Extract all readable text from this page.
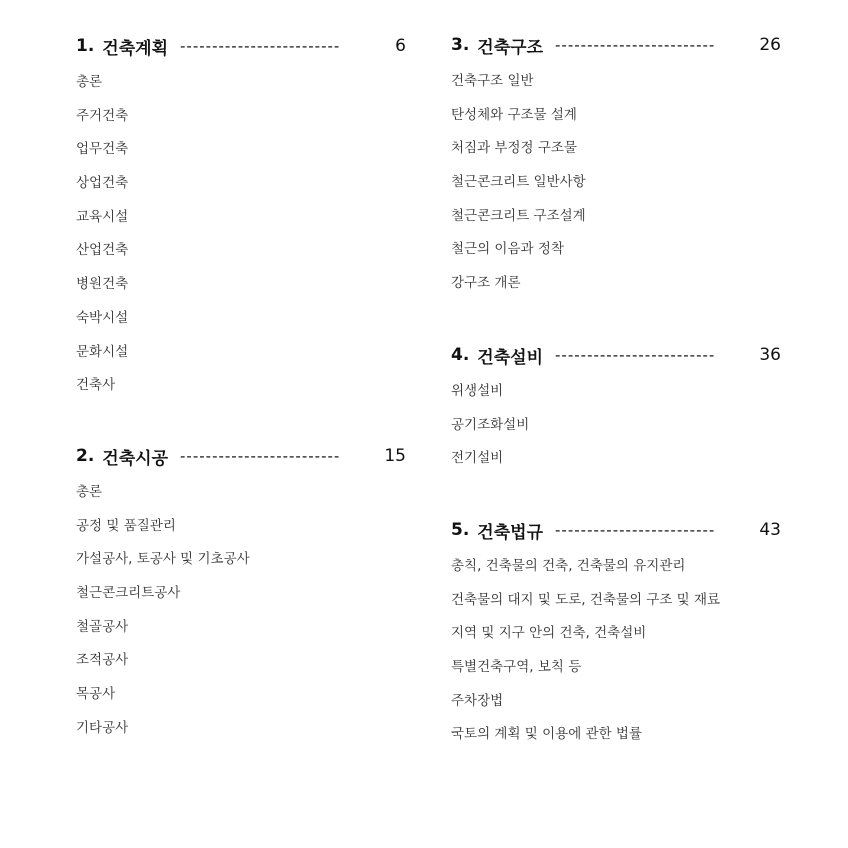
1. 건축계획 -------------------------	6
총론
주거건축
업무건축
상업건축
교육시설
산업건축
병원건축
숙박시설
문화시설
건축사
2. 건축시공 -------------------------	15
총론
공정 및 품질관리
가설공사, 토공사 및 기초공사
철근콘크리트공사
철골공사
조적공사
목공사
기타공사
3. 건축구조 -------------------------	26
건축구조 일반
탄성체와 구조물 설계
처짐과 부정정 구조물
철근콘크리트 일반사항
철근콘크리트 구조설계
철근의 이음과 정착
강구조 개론
4. 건축설비 -------------------------	36
위생설비
공기조화설비
전기설비
5. 건축법규 -------------------------	43
총칙, 건축물의 건축, 건축물의 유지관리
건축물의 대지 및 도로, 건축물의 구조 및 재료
지역 및 지구 안의 건축, 건축설비
특별건축구역, 보칙 등
주차장법
국토의 계획 및 이용에 관한 법률
